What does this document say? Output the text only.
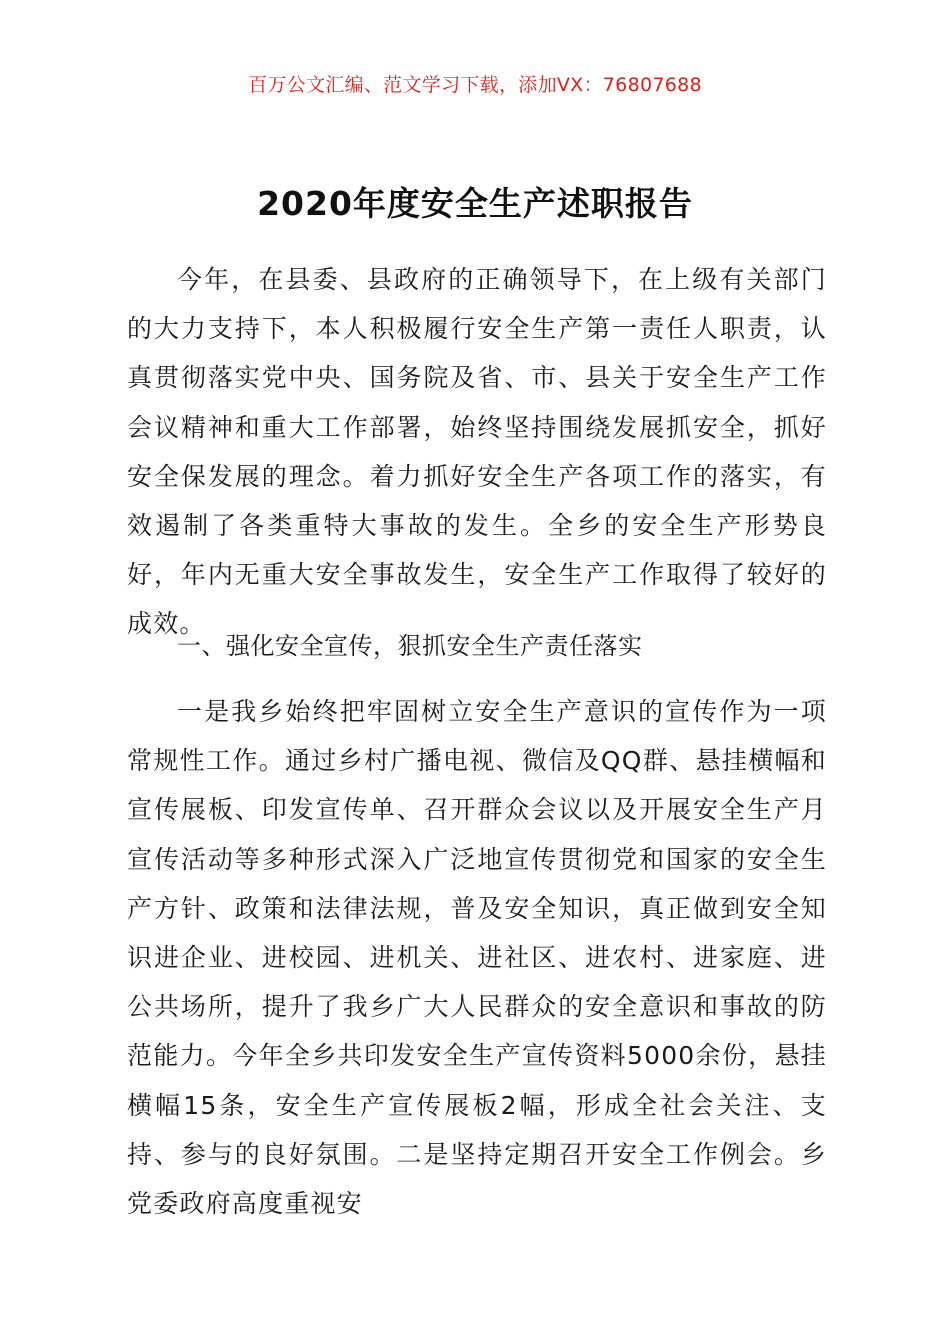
百万公文汇编、范文学习下载，添加VX：76807688
2020年度安全生产述职报告

今年，在县委、县政府的正确领导下，在上级有关部门的大力支持下，本人积极履行安全生产第一责任人职责，认真贯彻落实党中央、国务院及省、市、县关于安全生产工作会议精神和重大工作部署，始终坚持围绕发展抓安全，抓好安全保发展的理念。着力抓好安全生产各项工作的落实，有效遏制了各类重特大事故的发生。全乡的安全生产形势良好，年内无重大安全事故发生，安全生产工作取得了较好的成效。

一、强化安全宣传，狠抓安全生产责任落实

一是我乡始终把牢固树立安全生产意识的宣传作为一项常规性工作。通过乡村广播电视、微信及QQ群、悬挂横幅和宣传展板、印发宣传单、召开群众会议以及开展安全生产月宣传活动等多种形式深入广泛地宣传贯彻党和国家的安全生产方针、政策和法律法规，普及安全知识，真正做到安全知识进企业、进校园、进机关、进社区、进农村、进家庭、进公共场所，提升了我乡广大人民群众的安全意识和事故的防范能力。今年全乡共印发安全生产宣传资料5000余份，悬挂横幅15条，安全生产宣传展板2幅，形成全社会关注、支持、参与的良好氛围。二是坚持定期召开安全工作例会。乡党委政府高度重视安
